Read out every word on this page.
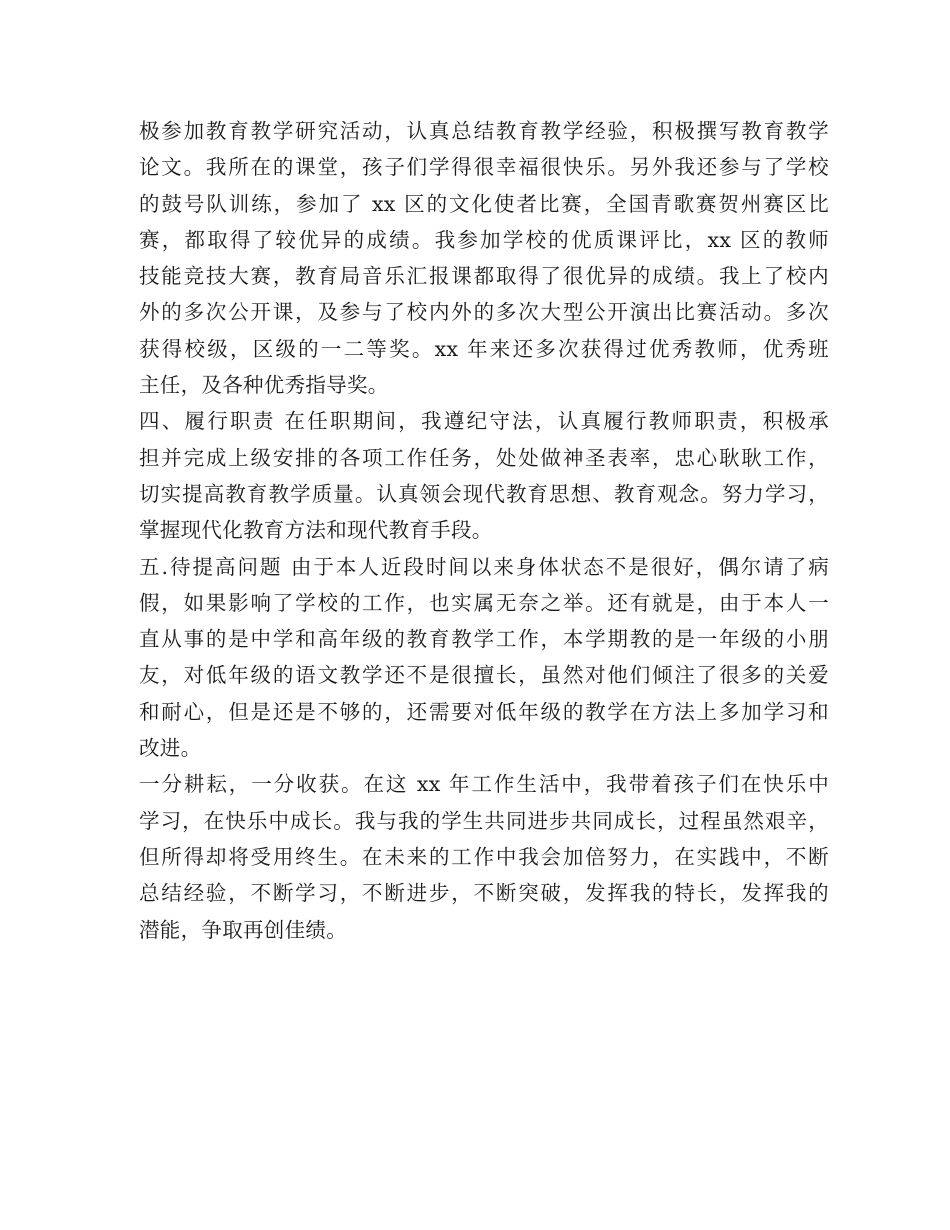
极参加教育教学研究活动，认真总结教育教学经验，积极撰写教育教学
论文。我所在的课堂，孩子们学得很幸福很快乐。另外我还参与了学校
的鼓号队训练，参加了 xx 区的文化使者比赛，全国青歌赛贺州赛区比
赛，都取得了较优异的成绩。我参加学校的优质课评比，xx 区的教师
技能竞技大赛，教育局音乐汇报课都取得了很优异的成绩。我上了校内
外的多次公开课，及参与了校内外的多次大型公开演出比赛活动。多次
获得校级，区级的一二等奖。xx 年来还多次获得过优秀教师，优秀班
主任，及各种优秀指导奖。
四、履行职责 在任职期间，我遵纪守法，认真履行教师职责，积极承
担并完成上级安排的各项工作任务，处处做神圣表率，忠心耿耿工作，
切实提高教育教学质量。认真领会现代教育思想、教育观念。努力学习，
掌握现代化教育方法和现代教育手段。
五.待提高问题 由于本人近段时间以来身体状态不是很好，偶尔请了病
假，如果影响了学校的工作，也实属无奈之举。还有就是，由于本人一
直从事的是中学和高年级的教育教学工作，本学期教的是一年级的小朋
友，对低年级的语文教学还不是很擅长，虽然对他们倾注了很多的关爱
和耐心，但是还是不够的，还需要对低年级的教学在方法上多加学习和
改进。
一分耕耘，一分收获。在这 xx 年工作生活中，我带着孩子们在快乐中
学习，在快乐中成长。我与我的学生共同进步共同成长，过程虽然艰辛，
但所得却将受用终生。在未来的工作中我会加倍努力，在实践中，不断
总结经验，不断学习，不断进步，不断突破，发挥我的特长，发挥我的
潜能，争取再创佳绩。
